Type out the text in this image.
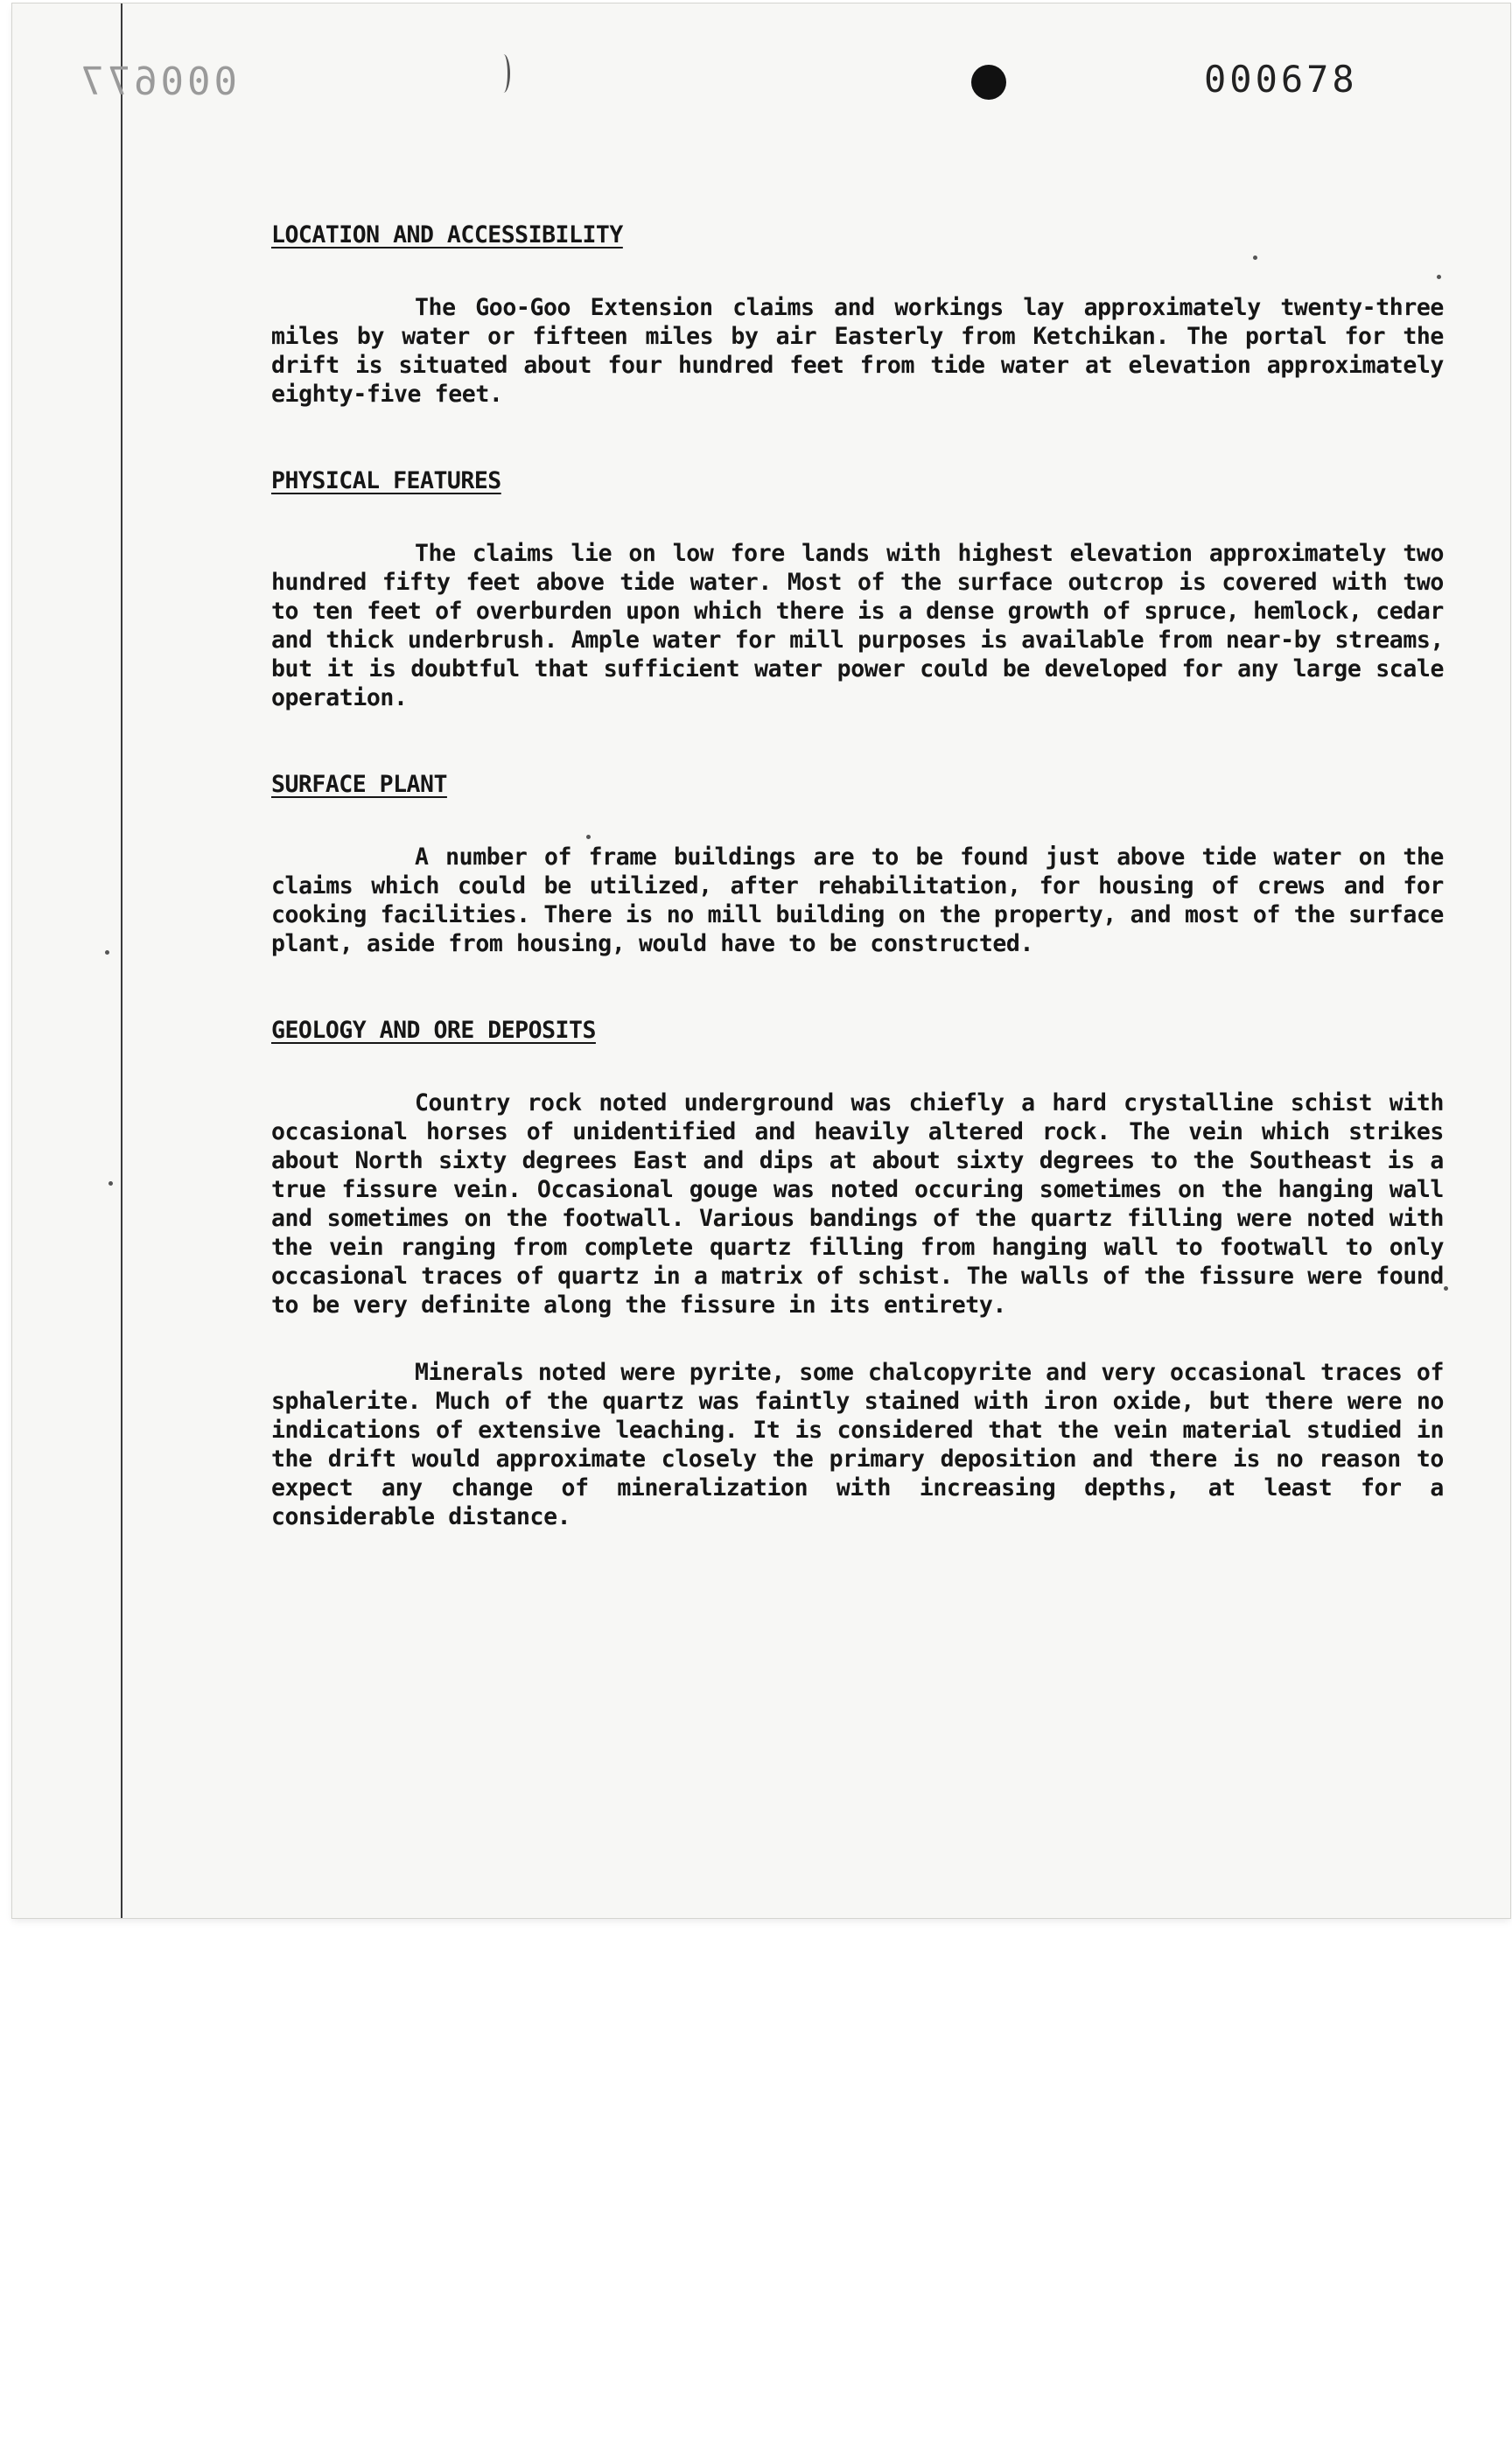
000677	000678
LOCATION AND ACCESSIBILITY

The Goo-Goo Extension claims and workings lay approximately twenty-three miles by water or fifteen miles by air Easterly from Ketchikan. The portal for the drift is situated about four hundred feet from tide water at elevation approximately eighty-five feet.

PHYSICAL FEATURES

The claims lie on low fore lands with highest elevation approximately two hundred fifty feet above tide water. Most of the surface outcrop is covered with two to ten feet of overburden upon which there is a dense growth of spruce, hemlock, cedar and thick underbrush. Ample water for mill purposes is available from near-by streams, but it is doubtful that sufficient water power could be developed for any large scale operation.

SURFACE PLANT

A number of frame buildings are to be found just above tide water on the claims which could be utilized, after rehabilitation, for housing of crews and for cooking facilities. There is no mill building on the property, and most of the surface plant, aside from housing, would have to be constructed.

GEOLOGY AND ORE DEPOSITS

Country rock noted underground was chiefly a hard crystalline schist with occasional horses of unidentified and heavily altered rock. The vein which strikes about North sixty degrees East and dips at about sixty degrees to the Southeast is a true fissure vein. Occasional gouge was noted occuring sometimes on the hanging wall and sometimes on the footwall. Various bandings of the quartz filling were noted with the vein ranging from complete quartz filling from hanging wall to footwall to only occasional traces of quartz in a matrix of schist. The walls of the fissure were found to be very definite along the fissure in its entirety.

Minerals noted were pyrite, some chalcopyrite and very occasional traces of sphalerite. Much of the quartz was faintly stained with iron oxide, but there were no indications of extensive leaching. It is considered that the vein material studied in the drift would approximate closely the primary deposition and there is no reason to expect any change of mineralization with increasing depths, at least for a considerable distance.
